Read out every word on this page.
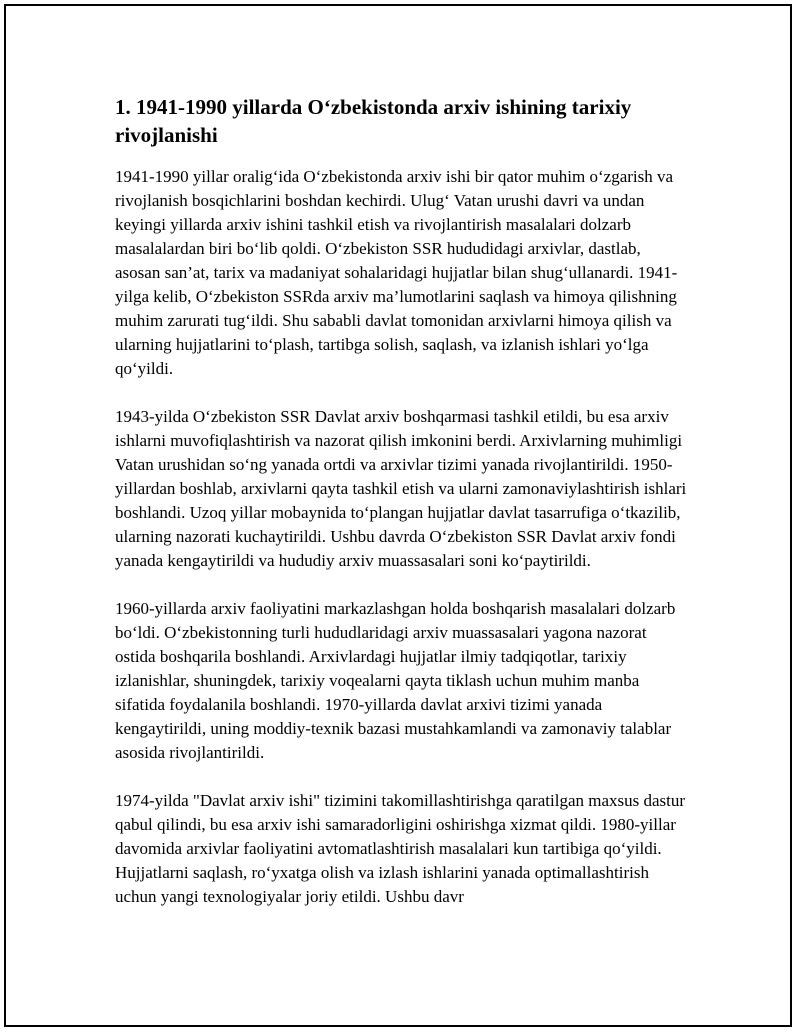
1. 1941-1990 yillarda O‘zbekistonda arxiv ishining tarixiy rivojlanishi

1941-1990 yillar oralig‘ida O‘zbekistonda arxiv ishi bir qator muhim o‘zgarish va rivojlanish bosqichlarini boshdan kechirdi. Ulug‘ Vatan urushi davri va undan keyingi yillarda arxiv ishini tashkil etish va rivojlantirish masalalari dolzarb masalalardan biri bo‘lib qoldi. O‘zbekiston SSR hududidagi arxivlar, dastlab, asosan san’at, tarix va madaniyat sohalaridagi hujjatlar bilan shug‘ullanardi. 1941-yilga kelib, O‘zbekiston SSRda arxiv ma’lumotlarini saqlash va himoya qilishning muhim zarurati tug‘ildi. Shu sababli davlat tomonidan arxivlarni himoya qilish va ularning hujjatlarini to‘plash, tartibga solish, saqlash, va izlanish ishlari yo‘lga qo‘yildi.

1943-yilda O‘zbekiston SSR Davlat arxiv boshqarmasi tashkil etildi, bu esa arxiv ishlarni muvofiqlashtirish va nazorat qilish imkonini berdi. Arxivlarning muhimligi Vatan urushidan so‘ng yanada ortdi va arxivlar tizimi yanada rivojlantirildi. 1950-yillardan boshlab, arxivlarni qayta tashkil etish va ularni zamonaviylashtirish ishlari boshlandi. Uzoq yillar mobaynida to‘plangan hujjatlar davlat tasarrufiga o‘tkazilib, ularning nazorati kuchaytirildi. Ushbu davrda O‘zbekiston SSR Davlat arxiv fondi yanada kengaytirildi va hududiy arxiv muassasalari soni ko‘paytirildi.

1960-yillarda arxiv faoliyatini markazlashgan holda boshqarish masalalari dolzarb bo‘ldi. O‘zbekistonning turli hududlaridagi arxiv muassasalari yagona nazorat ostida boshqarila boshlandi. Arxivlardagi hujjatlar ilmiy tadqiqotlar, tarixiy izlanishlar, shuningdek, tarixiy voqealarni qayta tiklash uchun muhim manba sifatida foydalanila boshlandi. 1970-yillarda davlat arxivi tizimi yanada kengaytirildi, uning moddiy-texnik bazasi mustahkamlandi va zamonaviy talablar asosida rivojlantirildi.

1974-yilda "Davlat arxiv ishi" tizimini takomillashtirishga qaratilgan maxsus dastur qabul qilindi, bu esa arxiv ishi samaradorligini oshirishga xizmat qildi. 1980-yillar davomida arxivlar faoliyatini avtomatlashtirish masalalari kun tartibiga qo‘yildi. Hujjatlarni saqlash, ro‘yxatga olish va izlash ishlarini yanada optimallashtirish uchun yangi texnologiyalar joriy etildi. Ushbu davr
